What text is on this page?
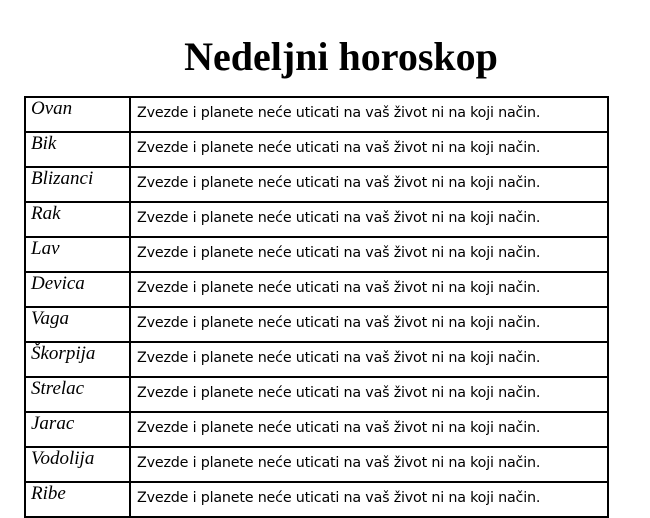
Nedeljni horoskop
Ovan	Zvezde i planete neće uticati na vaš život ni na koji način.
Bik	Zvezde i planete neće uticati na vaš život ni na koji način.
Blizanci	Zvezde i planete neće uticati na vaš život ni na koji način.
Rak	Zvezde i planete neće uticati na vaš život ni na koji način.
Lav	Zvezde i planete neće uticati na vaš život ni na koji način.
Devica	Zvezde i planete neće uticati na vaš život ni na koji način.
Vaga	Zvezde i planete neće uticati na vaš život ni na koji način.
Škorpija	Zvezde i planete neće uticati na vaš život ni na koji način.
Strelac	Zvezde i planete neće uticati na vaš život ni na koji način.
Jarac	Zvezde i planete neće uticati na vaš život ni na koji način.
Vodolija	Zvezde i planete neće uticati na vaš život ni na koji način.
Ribe	Zvezde i planete neće uticati na vaš život ni na koji način.
